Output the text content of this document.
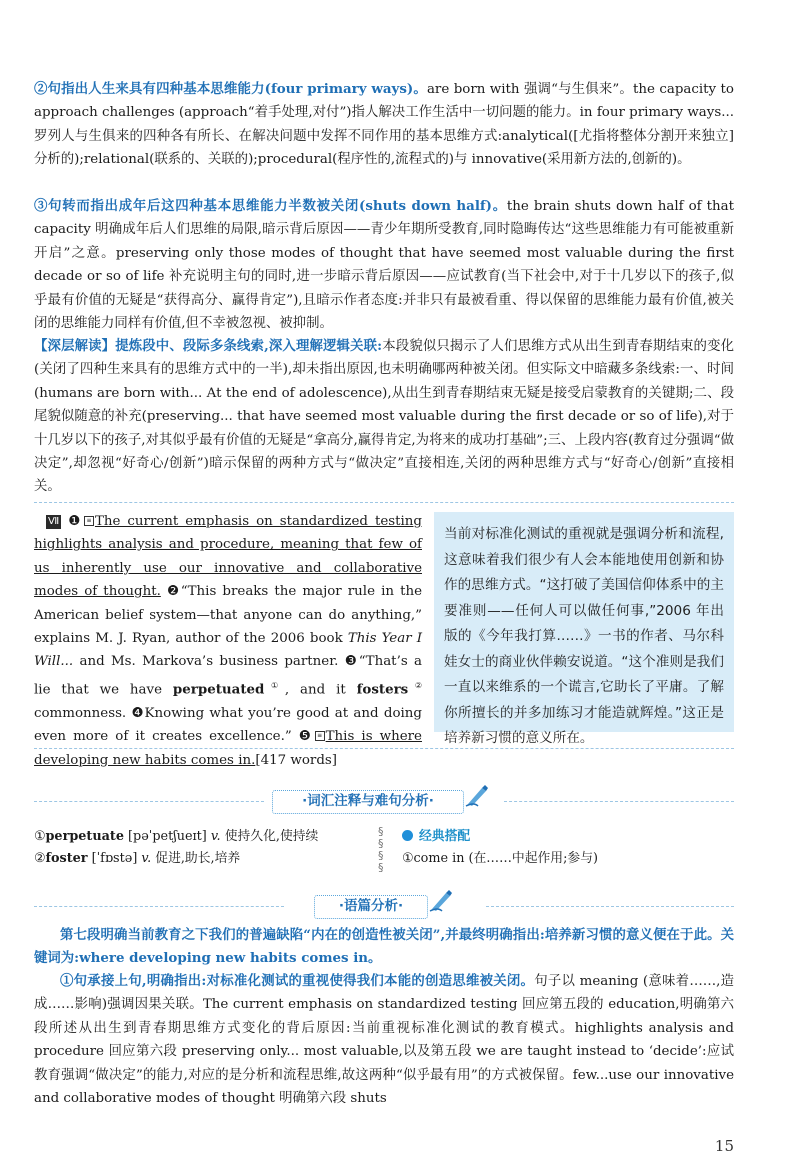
②句指出人生来具有四种基本思维能力(four primary ways)。are born with 强调“与生俱来”。the capacity to approach challenges (approach“着手处理,对付”)指人解决工作生活中一切问题的能力。in four primary ways...罗列人与生俱来的四种各有所长、在解决问题中发挥不同作用的基本思维方式:analytical([尤指将整体分割开来独立]分析的);relational(联系的、关联的);procedural(程序性的,流程式的)与 innovative(采用新方法的,创新的)。

③句转而指出成年后这四种基本思维能力半数被关闭(shuts down half)。the brain shuts down half of that capacity 明确成年后人们思维的局限,暗示背后原因——青少年期所受教育,同时隐晦传达“这些思维能力有可能被重新开启”之意。preserving only those modes of thought that have seemed most valuable during the first decade or so of life 补充说明主句的同时,进一步暗示背后原因——应试教育(当下社会中,对于十几岁以下的孩子,似乎最有价值的无疑是“获得高分、赢得肯定”),且暗示作者态度:并非只有最被看重、得以保留的思维能力最有价值,被关闭的思维能力同样有价值,但不幸被忽视、被抑制。

【深层解读】提炼段中、段际多条线索,深入理解逻辑关联:本段貌似只揭示了人们思维方式从出生到青春期结束的变化(关闭了四种生来具有的思维方式中的一半),却未指出原因,也未明确哪两种被关闭。但实际文中暗藏多条线索:一、时间(humans are born with... At the end of adolescence),从出生到青春期结束无疑是接受启蒙教育的关键期;二、段尾貌似随意的补充(preserving... that have seemed most valuable during the first decade or so of life),对于十几岁以下的孩子,对其似乎最有价值的无疑是“拿高分,赢得肯定,为将来的成功打基础”;三、上段内容(教育过分强调“做决定”,却忽视“好奇心/创新”)暗示保留的两种方式与“做决定”直接相连,关闭的两种思维方式与“好奇心/创新”直接相关。

Ⅶ ❶ ≡ The current emphasis on standardized testing highlights analysis and procedure, meaning that few of us inherently use our innovative and collaborative modes of thought. ❷“This breaks the major rule in the American belief system—that anyone can do anything,” explains M. J. Ryan, author of the 2006 book This Year I Will... and Ms. Markova’s business partner. ❸“That’s a lie that we have perpetuated①, and it fosters② commonness. ❹Knowing what you’re good at and doing even more of it creates excellence.” ❺ ≡ This is where developing new habits comes in.[417 words]
当前对标准化测试的重视就是强调分析和流程,这意味着我们很少有人会本能地使用创新和协作的思维方式。“这打破了美国信仰体系中的主要准则——任何人可以做任何事,”2006 年出版的《今年我打算……》一书的作者、马尔科娃女士的商业伙伴赖安说道。“这个准则是我们一直以来维系的一个谎言,它助长了平庸。了解你所擅长的并多加练习才能造就辉煌。”这正是培养新习惯的意义所在。
·词汇注释与难句分析·
①perpetuate [pəˈpetʃueɪt] v. 使持久化,使持续
②foster [ˈfɒstə] v. 促进,助长,培养
§
§
§
§
经典搭配
①come in (在……中起作用;参与)
·语篇分析·

第七段明确当前教育之下我们的普遍缺陷“内在的创造性被关闭”,并最终明确指出:培养新习惯的意义便在于此。关键词为:where developing new habits comes in。

①句承接上句,明确指出:对标准化测试的重视使得我们本能的创造思维被关闭。句子以 meaning (意味着……,造成……影响)强调因果关联。The current emphasis on standardized testing 回应第五段的 education,明确第六段所述从出生到青春期思维方式变化的背后原因:当前重视标准化测试的教育模式。highlights analysis and procedure 回应第六段 preserving only... most valuable,以及第五段 we are taught instead to ‘decide’:应试教育强调“做决定”的能力,对应的是分析和流程思维,故这两种“似乎最有用”的方式被保留。few...use our innovative and collaborative modes of thought 明确第六段 shuts

15
